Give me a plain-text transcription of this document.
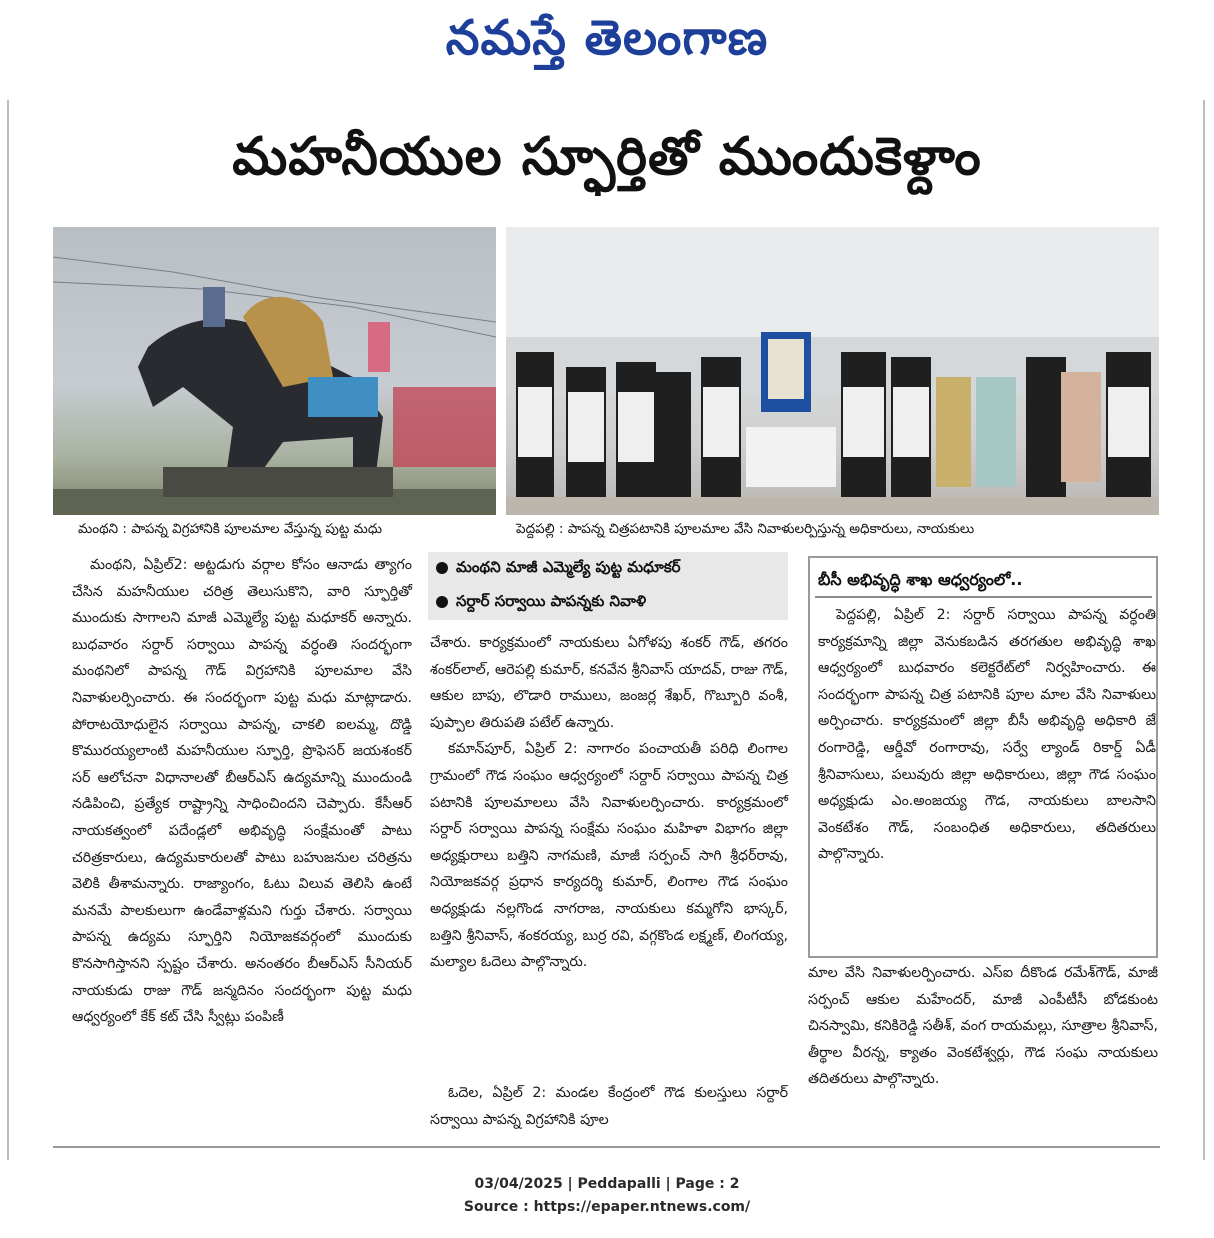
నమస్తే తెలంగాణ
మహనీయుల స్ఫూర్తితో ముందుకెళ్దాం
మంథని : పాపన్న విగ్రహానికి పూలమాల వేస్తున్న పుట్ట మధు	పెద్దపల్లి : పాపన్న చిత్రపటానికి పూలమాల వేసి నివాళులర్పిస్తున్న అధికారులు, నాయకులు

మంథని, ఏప్రిల్2: అట్టడుగు వర్గాల కోసం ఆనాడు త్యాగం చేసిన మహనీయుల చరిత్ర తెలుసుకొని, వారి స్ఫూర్తితో ముందుకు సాగాలని మాజీ ఎమ్మెల్యే పుట్ట మధూకర్ అన్నారు. బుధవారం సర్దార్ సర్వాయి పాపన్న వర్ధంతి సందర్భంగా మంథనిలో పాపన్న గౌడ్ విగ్రహానికి పూలమాల వేసి నివాళులర్పించారు. ఈ సందర్భంగా పుట్ట మధు మాట్లాడారు. పోరాటయోధులైన సర్వాయి పాపన్న, చాకలి ఐలమ్మ, దొడ్డి కొమురయ్యలాంటి మహనీయుల స్ఫూర్తి, ప్రొఫెసర్ జయశంకర్ సర్ ఆలోచనా విధానాలతో బీఆర్ఎస్ ఉద్యమాన్ని ముందుండి నడిపించి, ప్రత్యేక రాష్ట్రాన్ని సాధించిందని చెప్పారు. కేసీఆర్ నాయకత్వంలో పదేండ్లలో అభివృద్ధి సంక్షేమంతో పాటు చరిత్రకారులు, ఉద్యమకారులతో పాటు బహుజనుల చరిత్రను వెలికి తీశామన్నారు. రాజ్యాంగం, ఓటు విలువ తెలిసి ఉంటే మనమే పాలకులుగా ఉండేవాళ్లమని గుర్తు చేశారు. సర్వాయి పాపన్న ఉద్యమ స్ఫూర్తిని నియోజకవర్గంలో ముందుకు కొనసాగిస్తానని స్పష్టం చేశారు. అనంతరం బీఆర్ఎస్ సీనియర్ నాయకుడు రాజు గౌడ్ జన్మదినం సందర్భంగా పుట్ట మధు ఆధ్వర్యంలో కేక్ కట్ చేసి స్వీట్లు పంపిణీ

మంథని మాజీ ఎమ్మెల్యే పుట్ట మధూకర్
సర్దార్ సర్వాయి పాపన్నకు నివాళి

చేశారు. కార్యక్రమంలో నాయకులు ఏగోళపు శంకర్ గౌడ్, తగరం శంకర్‌లాల్, ఆరెపల్లి కుమార్, కనవేన శ్రీనివాస్ యాదవ్, రాజు గౌడ్, ఆకుల బాపు, లొడారి రాములు, జంజర్ల శేఖర్, గొబ్బూరి వంశీ, పుప్పాల తిరుపతి పటేల్ ఉన్నారు.

కమాన్‌పూర్, ఏప్రిల్ 2: నాగారం పంచాయతీ పరిధి లింగాల గ్రామంలో గౌడ సంఘం ఆధ్వర్యంలో సర్దార్ సర్వాయి పాపన్న చిత్ర పటానికి పూలమాలలు వేసి నివాళులర్పించారు. కార్యక్రమంలో సర్దార్ సర్వాయి పాపన్న సంక్షేమ సంఘం మహిళా విభాగం జిల్లా అధ్యక్షురాలు బత్తిని నాగమణి, మాజీ సర్పంచ్ సాగి శ్రీధర్‌రావు, నియోజకవర్గ ప్రధాన కార్యదర్శి కుమార్, లింగాల గౌడ సంఘం అధ్యక్షుడు నల్లగొండ నాగరాజ, నాయకులు కమ్మగోని భాస్కర్, బత్తిని శ్రీనివాస్, శంకరయ్య, బుర్ర రవి, వగ్గకొండ లక్ష్మణ్, లింగయ్య, మల్యాల ఓదెలు పాల్గొన్నారు.

ఓదెల, ఏప్రిల్ 2: మండల కేంద్రంలో గౌడ కులస్తులు సర్దార్ సర్వాయి పాపన్న విగ్రహానికి పూల

బీసీ అభివృద్ధి శాఖ ఆధ్వర్యంలో..

పెద్దపల్లి, ఏప్రిల్ 2: సర్దార్ సర్వాయి పాపన్న వర్ధంతి కార్యక్రమాన్ని జిల్లా వెనుకబడిన తరగతుల అభివృద్ధి శాఖ ఆధ్వర్యంలో బుధవారం కలెక్టరేట్‌లో నిర్వహించారు. ఈ సందర్భంగా పాపన్న చిత్ర పటానికి పూల మాల వేసి నివాళులు అర్పించారు. కార్యక్రమంలో జిల్లా బీసీ అభివృద్ధి అధికారి జే రంగారెడ్డి, ఆర్డీవో రంగారావు, సర్వే ల్యాండ్ రికార్డ్ ఏడీ శ్రీనివాసులు, పలువురు జిల్లా అధికారులు, జిల్లా గౌడ సంఘం అధ్యక్షుడు ఎం.అంజయ్య గౌడ, నాయకులు బాలసాని వెంకటేశం గౌడ్, సంబంధిత అధికారులు, తదితరులు పాల్గొన్నారు.

మాల వేసి నివాళులర్పించారు. ఎస్ఐ దీకొండ రమేశ్‌గౌడ్, మాజీ సర్పంచ్ ఆకుల మహేందర్, మాజీ ఎంపీటీసీ బోడకుంట చినస్వామి, కనికిరెడ్డి సతీశ్, వంగ రాయమల్లు, సూత్రాల శ్రీనివాస్, తీర్థాల వీరన్న, క్యాతం వెంకటేశ్వర్లు, గౌడ సంఘ నాయకులు తదితరులు పాల్గొన్నారు.

03/04/2025 | Peddapalli | Page : 2
Source : https://epaper.ntnews.com/
